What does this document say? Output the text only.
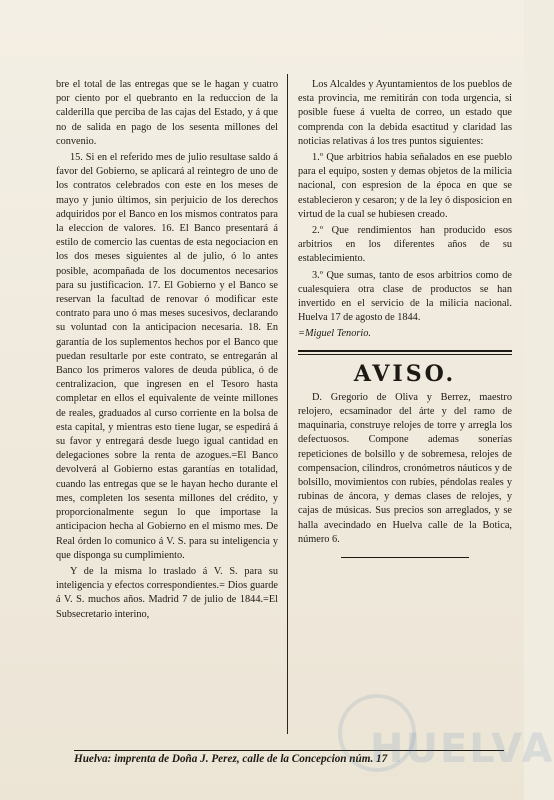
bre el total de las entregas que se le hagan y cuatro por ciento por el quebranto en la reduccion de la calderilla que perciba de las cajas del Estado, y á que no de salida en pago de los sesenta millones del convenio.

15. Si en el referido mes de julio resultase saldo á favor del Gobierno, se aplicará al reintegro de uno de los contratos celebrados con este en los meses de mayo y junio últimos, sin perjuicio de los derechos adquiridos por el Banco en los mismos contratos para la eleccion de valores. 16. El Banco presentará á estilo de comercio las cuentas de esta negociacion en los dos meses siguientes al de julio, ó lo antes posible, acompañada de los documentos necesarios para su justificacion. 17. El Gobierno y el Banco se reservan la facultad de renovar ó modificar este contrato para uno ó mas meses sucesivos, declarando su voluntad con la anticipacion necesaria. 18. En garantía de los suplementos hechos por el Banco que puedan resultarle por este contrato, se entregarán al Banco los primeros valores de deuda pública, ó de centralizacion, que ingresen en el Tesoro hasta completar en ellos el equivalente de veinte millones de reales, graduados al curso corriente en la bolsa de esta capital, y mientras esto tiene lugar, se espedirá á su favor y entregará desde luego igual cantidad en delegaciones sobre la renta de azogues.=El Banco devolverá al Gobierno estas garantías en totalidad, cuando las entregas que se le hayan hecho durante el mes, completen los sesenta millones del crédito, y proporcionalmente segun lo que importase la anticipacion hecha al Gobierno en el mismo mes. De Real órden lo comunico á V. S. para su inteligencia y que disponga su cumplimiento.

Y de la misma lo traslado á V. S. para su inteligencia y efectos correspondientes.= Dios guarde á V. S. muchos años. Madrid 7 de julio de 1844.=El Subsecretario interino,

Los Alcaldes y Ayuntamientos de los pueblos de esta provincia, me remitirán con toda urgencia, si posible fuese á vuelta de correo, un estado que comprenda con la debida esactitud y claridad las noticias relativas á los tres puntos siguientes:

1.º Que arbitrios habia señalados en ese pueblo para el equipo, sosten y demas objetos de la milicia nacional, con espresion de la época en que se establecieron y cesaron; y de la ley ó disposicion en virtud de la cual se hubiesen creado.

2.º Que rendimientos han producido esos arbitrios en los diferentes años de su establecimiento.

3.º Que sumas, tanto de esos arbitrios como de cualesquiera otra clase de productos se han invertido en el servicio de la milicia nacional. Huelva 17 de agosto de 1844.

=Miguel Tenorio.

AVISO.

D. Gregorio de Oliva y Berrez, maestro relojero, ecsaminador del árte y del ramo de maquinaria, construye relojes de torre y arregla los defectuosos. Compone ademas sonerías repeticiones de bolsillo y de sobremesa, relojes de compensacion, cilindros, cronómetros náuticos y de bolsillo, movimientos con rubíes, péndolas reales y rubinas de áncora, y demas clases de relojes, y cajas de músicas. Sus precios son arreglados, y se halla avecindado en Huelva calle de la Botica, número 6.

Huelva: imprenta de Doña J. Perez, calle de la Concepcion núm. 17
HUELVA
